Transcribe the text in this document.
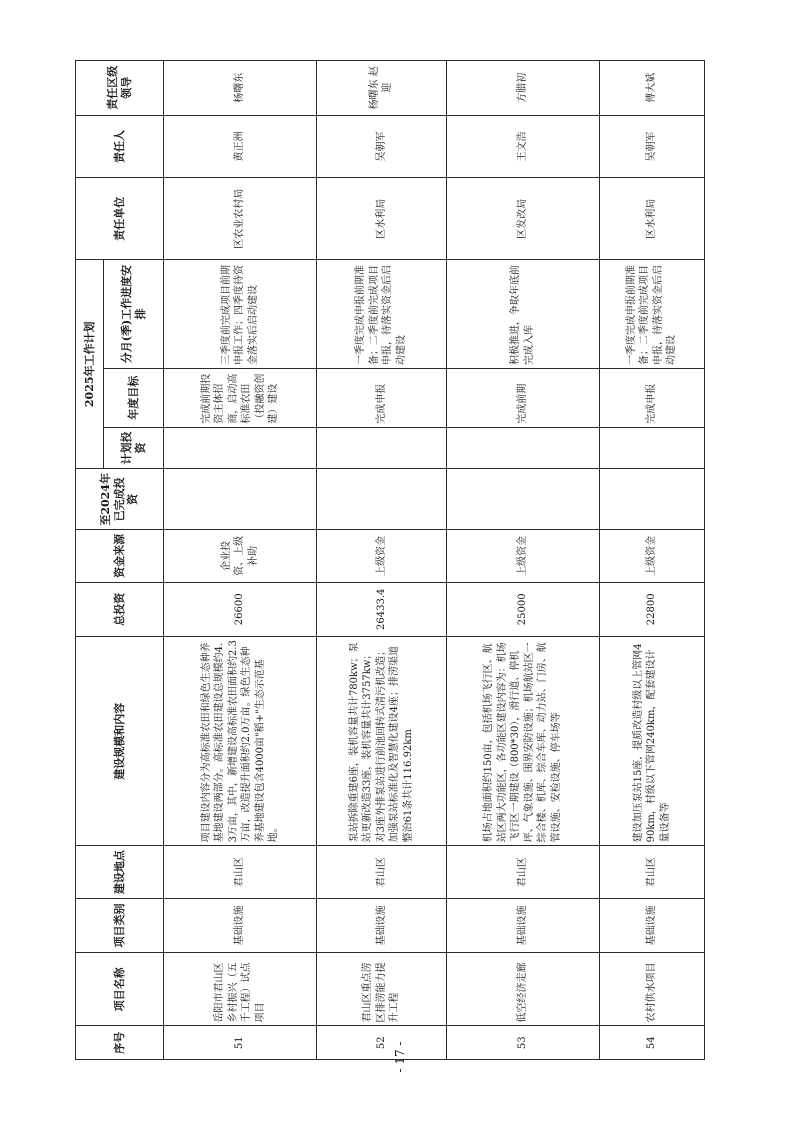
序号	项目名称	项目类别	建设地点	建设规模和内容	总投资	资金来源	至2024年已完成投资	2025年工作计划			责任单位	责任人	责任区级领导
								计划投资	年度目标	分月(季)工作进度安 排			
51	岳阳市君山区乡村振兴（五千工程）试点项目	基础设施	君山区	项目建设内容分为高标准农田和绿色生态种养基地建设两部分。高标准农田建设总规模约4.3万亩，其中，新增建设高标准农田面积约2.3万亩，改造提升面积约2.0万亩。绿色生态种养基地建设包含4000亩"稻+"生态示范基地。	26600	企业投资、上级补助			完成前期投资主体招商，启动高标准农田（投融资创建）建设	三季度前完成项目前期申报工作；四季度待资金落实后启动建设	区农业农村局	黄正洲	杨曙东
52	君山区重点涝区排涝能力提升工程	基础设施	君山区	泵站拆除重建6座，装机容量共计780kw；泵站更新改造33座，装机容量共计3757kw；对3座外排泵站进行前池回转式清污机改造；加强泵站标准化及智慧化建设4座；排涝渠道整治61条共计116.92km	26433.4	上级资金			完成申报	一季度完成申报前期准备；二季度前完成项目申报，待落实资金后启动建设	区水利局	吴朝军	杨曙东 赵 迎
53	低空经济走廊	基础设施	君山区	机场占地面积约150亩，包括机场飞行区、航站区两大功能区，各功能区建设内容为：机场飞行区一期建设（800*30），滑行道、停机坪、气象设施、围界安防设施；机场航站区一综合楼、机库、综合车库、动力站、门房、航管设施、安检设施、停车场等	25000	上级资金			完成前期	积极推进，争取年底前完成入库	区发改局	王文浩	方腊初
54	农村供水项目	基础设施	君山区	建设加压泵站15座，提质改造村级以上管网490km，村级以下管网240km，配套建设计量设备等	22800	上级资金			完成申报	一季度完成申报前期准备；二季度前完成项目申报，待落实资金后启动建设	区水利局	吴朝军	傅大斌
- 17 -
